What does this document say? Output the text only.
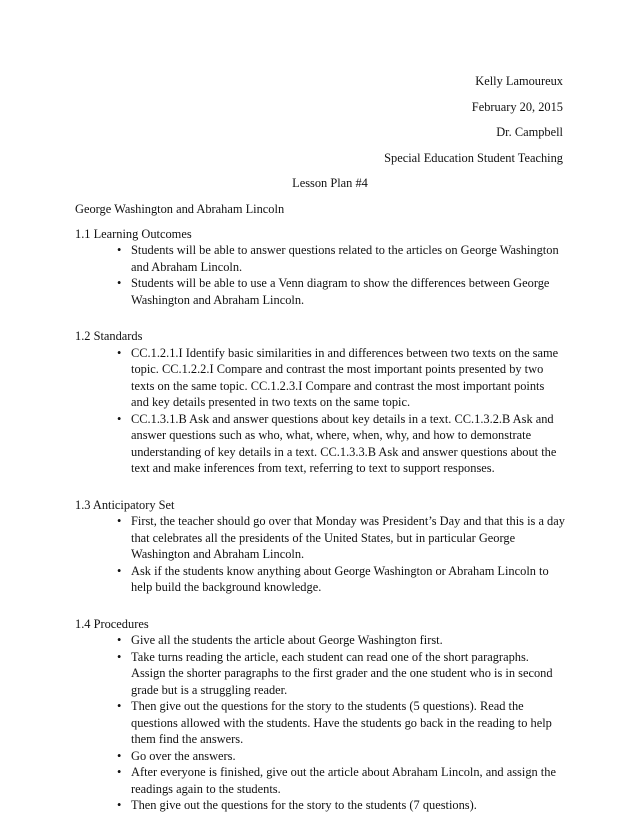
Kelly Lamoureux
February 20, 2015
Dr. Campbell
Special Education Student Teaching
Lesson Plan #4

George Washington and Abraham Lincoln

1.1 Learning Outcomes

• Students will be able to answer questions related to the articles on George Washington and Abraham Lincoln.
• Students will be able to use a Venn diagram to show the differences between George Washington and Abraham Lincoln.

1.2 Standards

• CC.1.2.1.I Identify basic similarities in and differences between two texts on the same topic. CC.1.2.2.I Compare and contrast the most important points presented by two texts on the same topic. CC.1.2.3.I Compare and contrast the most important points and key details presented in two texts on the same topic.
• CC.1.3.1.B Ask and answer questions about key details in a text. CC.1.3.2.B Ask and answer questions such as who, what, where, when, why, and how to demonstrate understanding of key details in a text. CC.1.3.3.B Ask and answer questions about the text and make inferences from text, referring to text to support responses.

1.3 Anticipatory Set

• First, the teacher should go over that Monday was President’s Day and that this is a day that celebrates all the presidents of the United States, but in particular George Washington and Abraham Lincoln.
• Ask if the students know anything about George Washington or Abraham Lincoln to help build the background knowledge.

1.4 Procedures

• Give all the students the article about George Washington first.
• Take turns reading the article, each student can read one of the short paragraphs. Assign the shorter paragraphs to the first grader and the one student who is in second grade but is a struggling reader.
• Then give out the questions for the story to the students (5 questions). Read the questions allowed with the students. Have the students go back in the reading to help them find the answers.
• Go over the answers.
• After everyone is finished, give out the article about Abraham Lincoln, and assign the readings again to the students.
• Then give out the questions for the story to the students (7 questions).
